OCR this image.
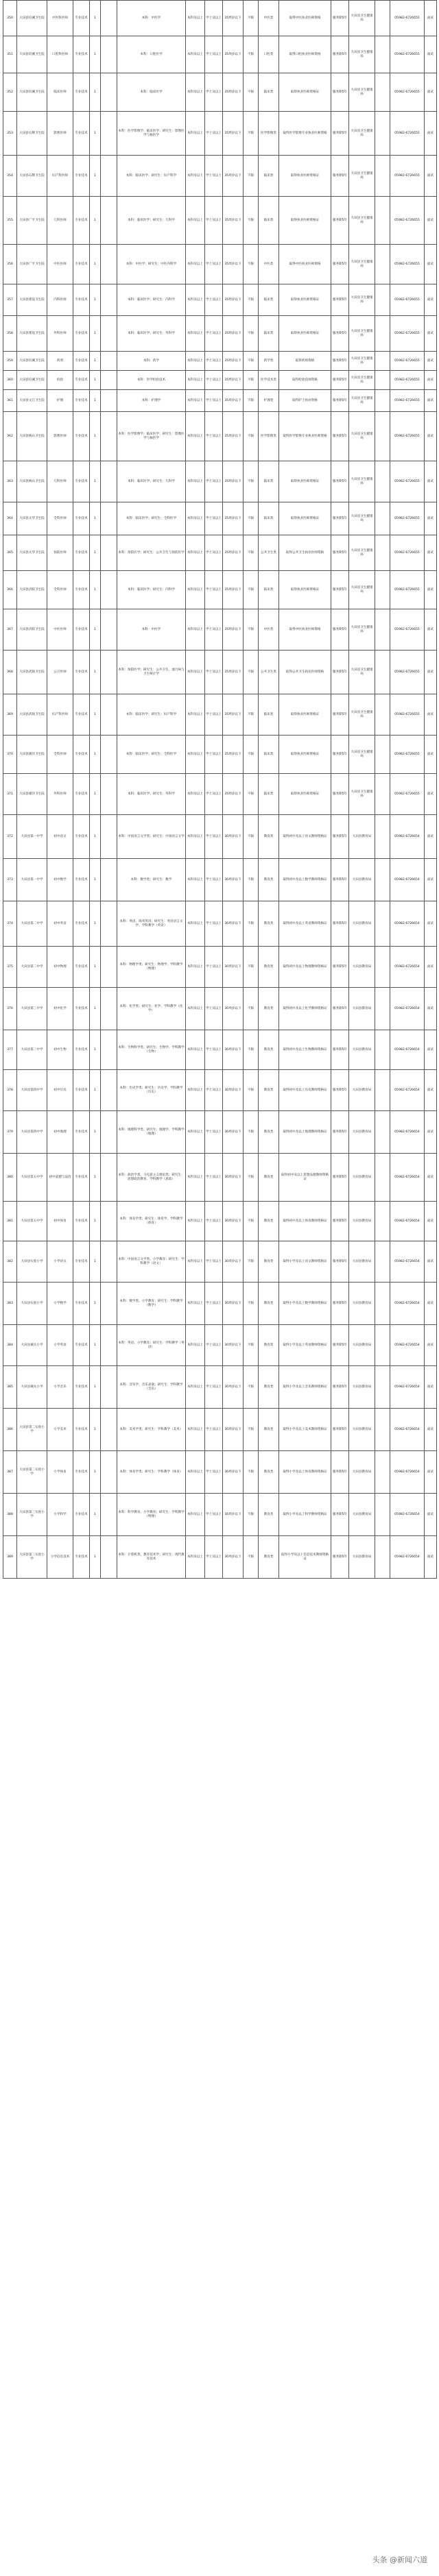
350	大田县均溪卫生院	中医科医师	专业技术	1		本科：中医学	本科及以上	学士及以上	35周岁以下	不限	中医类	取得中医执业医师资格	服务期5年	大田县卫生健康局		05982-6726655	面试
351	大田县均溪卫生院	口腔科医师	专业技术	1		本科：口腔医学	本科及以上	学士及以上	35周岁以下	不限	口腔类	取得口腔执业医师资格	服务期5年	大田县卫生健康局		05982-6726655	面试
352	大田县均溪卫生院	临床医师	专业技术	1		本科：临床医学	本科及以上	学士及以上	35周岁以下	不限	临床类	取得执业医师资格证	服务期5年	大田县卫生健康局		05982-6726655	面试
353	大田县石牌卫生院	影像医师	专业技术	1		本科：医学影像学、临床医学；研究生：影像医学与核医学	本科及以上	学士及以上	35周岁以下	不限	医学影像类	取得医学影像专业执业医师资格	服务期5年	大田县卫生健康局		05982-6726655	面试
354	大田县石牌卫生院	妇产科医师	专业技术	1		本科：临床医学；研究生：妇产科学	本科及以上	学士及以上	35周岁以下	不限	临床类	取得执业医师资格证	服务期5年	大田县卫生健康局		05982-6726655	面试
355	大田县广平卫生院	儿科医师	专业技术	1		本科：临床医学；研究生：儿科学	本科及以上	学士及以上	35周岁以下	不限	临床类	取得执业医师资格证	服务期5年	大田县卫生健康局		05982-6726655	面试
356	大田县广平卫生院	中医医师	专业技术	1		本科：中医学；研究生：中医内科学	本科及以上	学士及以上	35周岁以下	不限	中医类	取得中医执业医师资格	服务期5年	大田县卫生健康局		05982-6726655	面试
357	大田县建设卫生院	内科医师	专业技术	1		本科：临床医学；研究生：内科学	本科及以上	学士及以上	35周岁以下	不限	临床类	取得执业医师资格证	服务期5年	大田县卫生健康局		05982-6726655	面试
358	大田县建设卫生院	外科医师	专业技术	1		本科：临床医学；研究生：外科学	本科及以上	学士及以上	35周岁以下	不限	临床类	取得执业医师资格证	服务期5年	大田县卫生健康局		05982-6726655	面试
359	大田县均溪卫生院	药剂	专业技术	1		本科：药学	本科及以上	学士及以上	35周岁以下	不限	药学类	取得药师资格	服务期5年	大田县卫生健康局		05982-6726655	面试
360	大田县均溪卫生院	检验	专业技术	1		本科：医学检验技术	本科及以上	学士及以上	35周岁以下	不限	医学技术类	取得检验技师资格	服务期5年	大田县卫生健康局		05982-6726655	面试
361	大田县文江卫生院	护理	专业技术	1		本科：护理学	本科及以上	学士及以上	35周岁以下	不限	护理类	取得护士执业资格	服务期5年	大田县卫生健康局		05982-6726655	面试
362	大田县梅山卫生院	影像医师	专业技术	1		本科：医学影像学、临床医学；研究生：影像医学与核医学	本科及以上	学士及以上	35周岁以下	不限	医学影像类	取得医学影像专业执业医师资格	服务期5年	大田县卫生健康局		05982-6726655	面试
363	大田县梅山卫生院	儿科医师	专业技术	1		本科：临床医学；研究生：儿科学	本科及以上	学士及以上	35周岁以下	不限	临床类	取得执业医师资格证	服务期5年	大田县卫生健康局		05982-6726655	面试
364	大田县太华卫生院	全科医师	专业技术	1		本科：临床医学；研究生：全科医学	本科及以上	学士及以上	35周岁以下	不限	临床类	取得执业医师资格证	服务期5年	大田县卫生健康局		05982-6726655	面试
365	大田县太华卫生院	预防医师	专业技术	1		本科：预防医学；研究生：公共卫生与预防医学	本科及以上	学士及以上	35周岁以下	不限	公共卫生类	取得公共卫生执业医师资格	服务期5年	大田县卫生健康局		05982-6726655	面试
366	大田县济阳卫生院	全科医师	专业技术	1		本科：临床医学；研究生：内科学	本科及以上	学士及以上	35周岁以下	不限	临床类	取得执业医师资格证	服务期5年	大田县卫生健康局		05982-6726655	面试
367	大田县济阳卫生院	中医医师	专业技术	1		本科：中医学	本科及以上	学士及以上	35周岁以下	不限	中医类	取得中医执业医师资格	服务期5年	大田县卫生健康局		05982-6726655	面试
368	大田县武陵卫生院	公卫医师	专业技术	1		本科：预防医学；研究生：公共卫生、流行病与卫生统计学	本科及以上	学士及以上	35周岁以下	不限	公共卫生类	取得公共卫生执业医师资格	服务期5年	大田县卫生健康局		05982-6726655	面试
369	大田县武陵卫生院	妇产科医师	专业技术	1		本科：临床医学；研究生：妇产科学	本科及以上	学士及以上	35周岁以下	不限	临床类	取得执业医师资格证	服务期5年	大田县卫生健康局		05982-6726655	面试
370	大田县谢洋卫生院	全科医师	专业技术	1		本科：临床医学；研究生：全科医学	本科及以上	学士及以上	35周岁以下	不限	临床类	取得执业医师资格证	服务期5年	大田县卫生健康局		05982-6726655	面试
371	大田县谢洋卫生院	外科医师	专业技术	1		本科：临床医学；研究生：外科学	本科及以上	学士及以上	35周岁以下	不限	临床类	取得执业医师资格证	服务期5年	大田县卫生健康局		05982-6726655	面试
372	大田县第一中学	初中语文	专业技术	1		本科：中国语言文学类；研究生：中国语言文学	本科及以上	学士及以上	30周岁以下	不限	教育类	取得初中及以上语文教师资格证	服务期5年	大田县教育局		05982-6726654	面试
373	大田县第一中学	初中数学	专业技术	1		本科：数学类；研究生：数学	本科及以上	学士及以上	30周岁以下	不限	教育类	取得初中及以上数学教师资格证	服务期5年	大田县教育局		05982-6726654	面试
374	大田县第二中学	初中英语	专业技术	1		本科：英语、商务英语；研究生：英语语言文学、学科教学（英语）	本科及以上	学士及以上	30周岁以下	不限	教育类	取得初中及以上英语教师资格证	服务期5年	大田县教育局		05982-6726654	面试
375	大田县第二中学	初中物理	专业技术	1		本科：物理学类；研究生：物理学、学科教学（物理）	本科及以上	学士及以上	30周岁以下	不限	教育类	取得初中及以上物理教师资格证	服务期5年	大田县教育局		05982-6726654	面试
376	大田县第三中学	初中化学	专业技术	1		本科：化学类；研究生：化学、学科教学（化学）	本科及以上	学士及以上	30周岁以下	不限	教育类	取得初中及以上化学教师资格证	服务期5年	大田县教育局		05982-6726654	面试
377	大田县第三中学	初中生物	专业技术	1		本科：生物科学类；研究生：生物学、学科教学（生物）	本科及以上	学士及以上	30周岁以下	不限	教育类	取得初中及以上生物教师资格证	服务期5年	大田县教育局		05982-6726654	面试
378	大田县第四中学	初中历史	专业技术	1		本科：历史学类；研究生：历史学、学科教学（历史）	本科及以上	学士及以上	30周岁以下	不限	教育类	取得初中及以上历史教师资格证	服务期5年	大田县教育局		05982-6726654	面试
379	大田县第四中学	初中地理	专业技术	1		本科：地理科学类；研究生：地理学、学科教学（地理）	本科及以上	学士及以上	30周岁以下	不限	教育类	取得初中及以上地理教师资格证	服务期5年	大田县教育局		05982-6726654	面试
380	大田县第五中学	初中道德与法治	专业技术	1		本科：政治学类、马克思主义理论类；研究生：思想政治教育、学科教学（思政）	本科及以上	学士及以上	30周岁以下	不限	教育类	取得初中及以上思想品德教师资格证	服务期5年	大田县教育局		05982-6726654	面试
381	大田县第五中学	初中体育	专业技术	1		本科：体育学类；研究生：体育学、学科教学（体育）	本科及以上	学士及以上	30周岁以下	不限	教育类	取得初中及以上体育教师资格证	服务期5年	大田县教育局		05982-6726654	面试
382	大田县实验小学	小学语文	专业技术	1		本科：中国语言文学类、小学教育；研究生：学科教学（语文）	本科及以上	学士及以上	30周岁以下	不限	教育类	取得小学及以上语文教师资格证	服务期5年	大田县教育局		05982-6726654	面试
383	大田县实验小学	小学数学	专业技术	1		本科：数学类、小学教育；研究生：学科教学（数学）	本科及以上	学士及以上	30周岁以下	不限	教育类	取得小学及以上数学教师资格证	服务期5年	大田县教育局		05982-6726654	面试
384	大田县城关小学	小学英语	专业技术	1		本科：英语、小学教育；研究生：学科教学（英语）	本科及以上	学士及以上	30周岁以下	不限	教育类	取得小学及以上英语教师资格证	服务期5年	大田县教育局		05982-6726654	面试
385	大田县城关小学	小学音乐	专业技术	1		本科：音乐学、音乐表演；研究生：学科教学（音乐）	本科及以上	学士及以上	30周岁以下	不限	教育类	取得小学及以上音乐教师资格证	服务期5年	大田县教育局		05982-6726654	面试
386	大田县第二实验小学	小学美术	专业技术	1		本科：美术学类；研究生：学科教学（美术）	本科及以上	学士及以上	30周岁以下	不限	教育类	取得小学及以上美术教师资格证	服务期5年	大田县教育局		05982-6726654	面试
387	大田县第二实验小学	小学体育	专业技术	1		本科：体育学类；研究生：学科教学（体育）	本科及以上	学士及以上	30周岁以下	不限	教育类	取得小学及以上体育教师资格证	服务期5年	大田县教育局		05982-6726654	面试
388	大田县第三实验小学	小学科学	专业技术	1		本科：科学教育、小学教育；研究生：学科教学（物理）	本科及以上	学士及以上	30周岁以下	不限	教育类	取得小学及以上科学教师资格证	服务期5年	大田县教育局		05982-6726654	面试
389	大田县第三实验小学	小学信息技术	专业技术	1		本科：计算机类、教育技术学；研究生：现代教育技术	本科及以上	学士及以上	30周岁以下	不限	教育类	取得小学及以上信息技术教师资格证	服务期5年	大田县教育局		05982-6726654	面试
头条 @新闻六道
